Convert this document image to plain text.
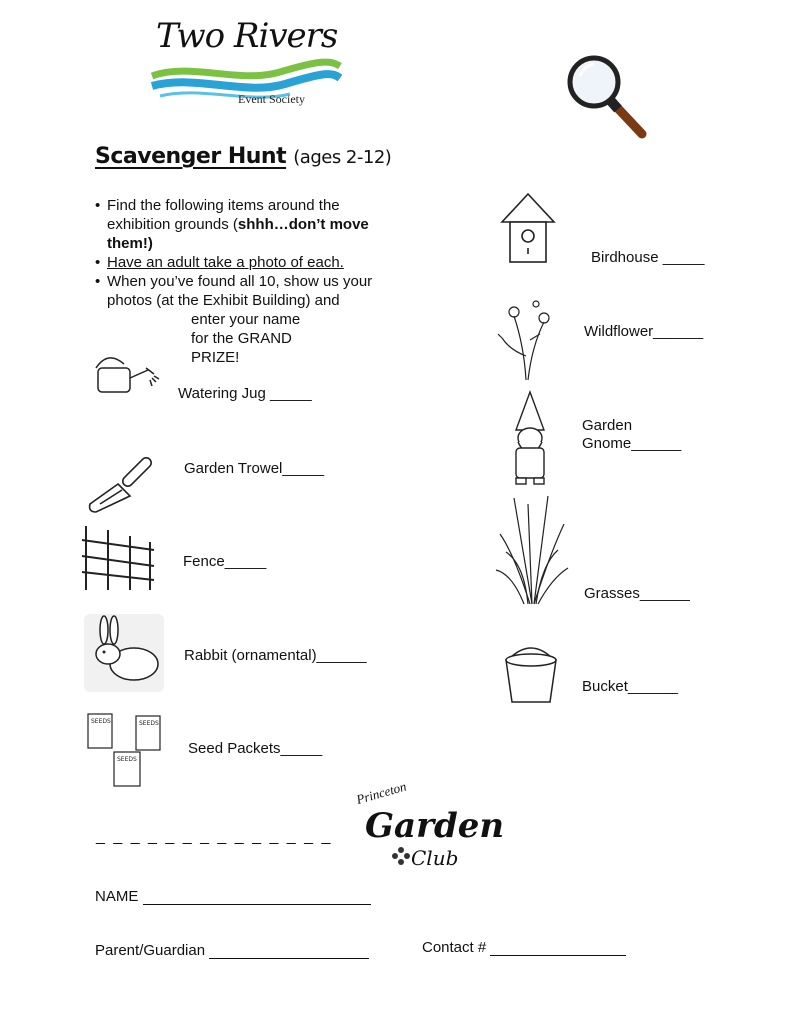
Two Rivers
Event Society
Scavenger Hunt (ages 2-12)
• Find the following items around the exhibition grounds (shhh…don’t move them!)
• Have an adult take a photo of each.
• When you’ve found all 10, show us your photos (at the Exhibit Building) and
enter your name for the GRAND PRIZE!
Watering Jug _____
Garden Trowel_____
Fence_____
Rabbit (ornamental)______
SEEDS	SEEDS
SEEDS
Seed Packets_____
Birdhouse _____
Wildflower______
Garden
Gnome______
Grasses______
Bucket______
_ _ _ _ _ _ _ _ _ _ _ _ _ _
Princeton
Garden
Club
NAME
Parent/Guardian	Contact #
